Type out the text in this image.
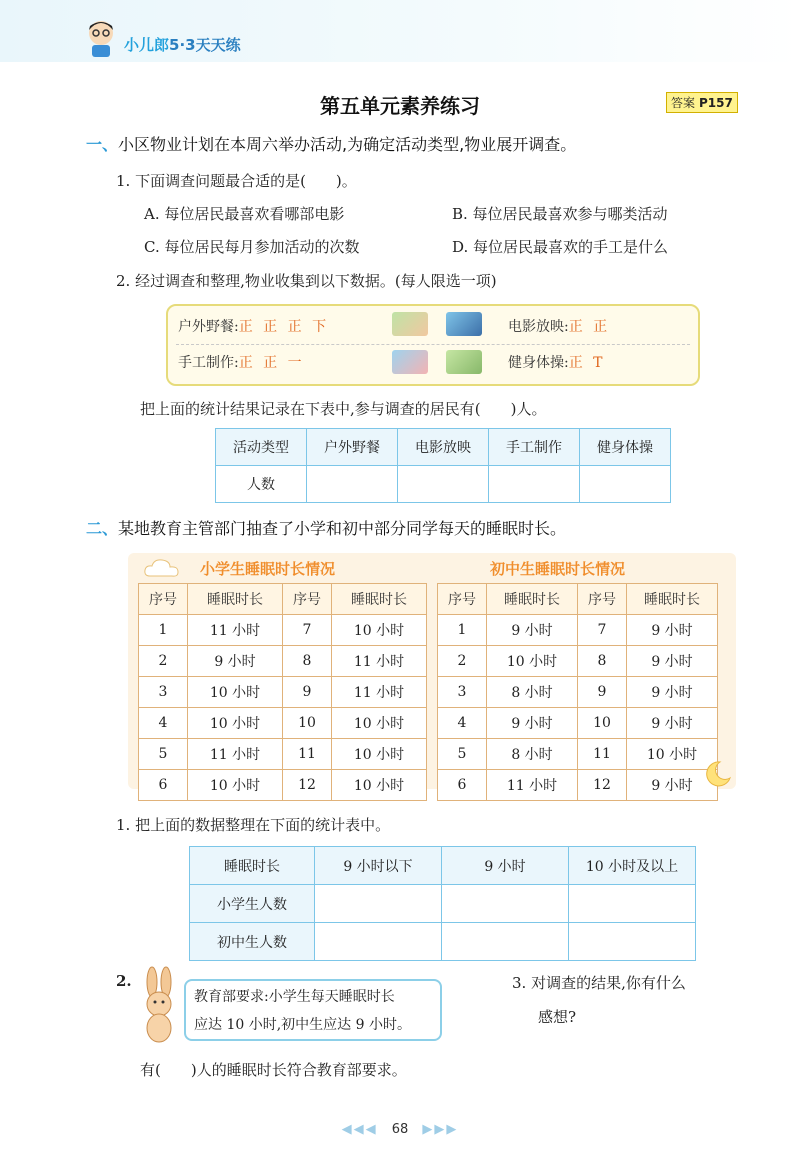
小儿郎5·3天天练
第五单元素养练习	答案 P157
一、小区物业计划在本周六举办活动,为确定活动类型,物业展开调查。
1. 下面调查问题最合适的是(　　)。
A. 每位居民最喜欢看哪部电影	B. 每位居民最喜欢参与哪类活动
C. 每位居民每月参加活动的次数	D. 每位居民最喜欢的手工是什么
2. 经过调查和整理,物业收集到以下数据。(每人限选一项)
户外野餐:正 正 正 下	电影放映:正 正
手工制作:正 正 一	健身体操:正 T
把上面的统计结果记录在下表中,参与调查的居民有(　　)人。
活动类型	户外野餐	电影放映	手工制作	健身体操
人数				
二、某地教育主管部门抽查了小学和初中部分同学每天的睡眠时长。
小学生睡眠时长情况	初中生睡眠时长情况
序号	睡眠时长	序号	睡眠时长
1	11 小时	7	10 小时
2	9 小时	8	11 小时
3	10 小时	9	11 小时
4	10 小时	10	10 小时
5	11 小时	11	10 小时
6	10 小时	12	10 小时
序号	睡眠时长	序号	睡眠时长
1	9 小时	7	9 小时
2	10 小时	8	9 小时
3	8 小时	9	9 小时
4	9 小时	10	9 小时
5	8 小时	11	10 小时
6	11 小时	12	9 小时
1. 把上面的数据整理在下面的统计表中。
睡眠时长	9 小时以下	9 小时	10 小时及以上
小学生人数			
初中生人数			
2.
教育部要求:小学生每天睡眠时长
应达 10 小时,初中生应达 9 小时。
有(　　)人的睡眠时长符合教育部要求。
3. 对调查的结果,你有什么
感想?
◀◀◀ 68 ▶▶▶
